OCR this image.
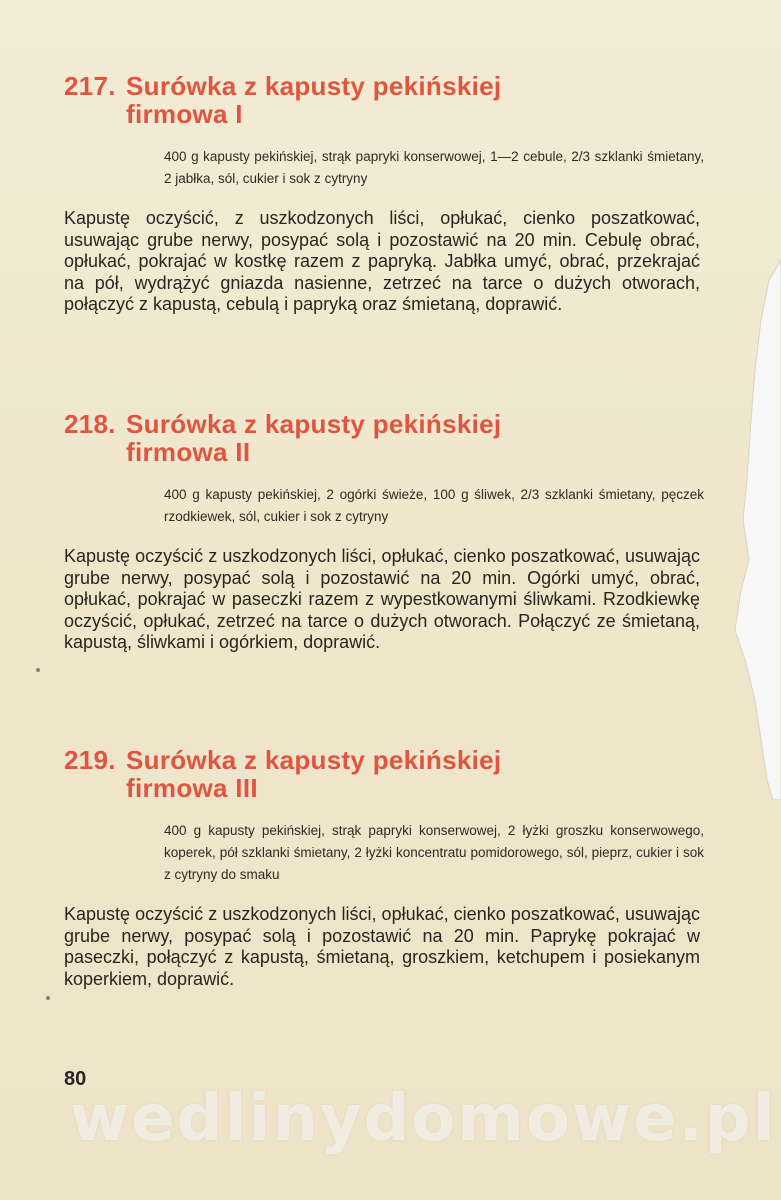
217. Surówka z kapusty pekińskiej
firmowa I

400 g kapusty pekińskiej, strąk papryki konserwowej, 1—2 cebule, 2/3 szklanki śmietany, 2 jabłka, sól, cukier i sok z cytryny

Kapustę oczyścić, z uszkodzonych liści, opłukać, cienko poszatkować, usuwając grube nerwy, posypać solą i pozostawić na 20 min. Cebulę obrać, opłukać, pokrajać w kostkę razem z papryką. Jabłka umyć, obrać, przekrajać na pół, wydrążyć gniazda nasienne, zetrzeć na tarce o dużych otworach, połączyć z kapustą, cebulą i papryką oraz śmietaną, doprawić.

218. Surówka z kapusty pekińskiej
firmowa II

400 g kapusty pekińskiej, 2 ogórki świeże, 100 g śliwek, 2/3 szklanki śmietany, pęczek rzodkiewek, sól, cukier i sok z cytryny

Kapustę oczyścić z uszkodzonych liści, opłukać, cienko poszatkować, usuwając grube nerwy, posypać solą i pozostawić na 20 min. Ogórki umyć, obrać, opłukać, pokrajać w paseczki razem z wypestkowanymi śliwkami. Rzodkiewkę oczyścić, opłukać, zetrzeć na tarce o dużych otworach. Połączyć ze śmietaną, kapustą, śliwkami i ogórkiem, doprawić.

219. Surówka z kapusty pekińskiej
firmowa III

400 g kapusty pekińskiej, strąk papryki konserwowej, 2 łyżki groszku konserwowego, koperek, pół szklanki śmietany, 2 łyżki koncentratu pomidorowego, sól, pieprz, cukier i sok z cytryny do smaku

Kapustę oczyścić z uszkodzonych liści, opłukać, cienko poszatkować, usuwając grube nerwy, posypać solą i pozostawić na 20 min. Paprykę pokrajać w paseczki, połączyć z kapustą, śmietaną, groszkiem, ketchupem i posiekanym koperkiem, doprawić.

80
wedlinydomowe.pl
